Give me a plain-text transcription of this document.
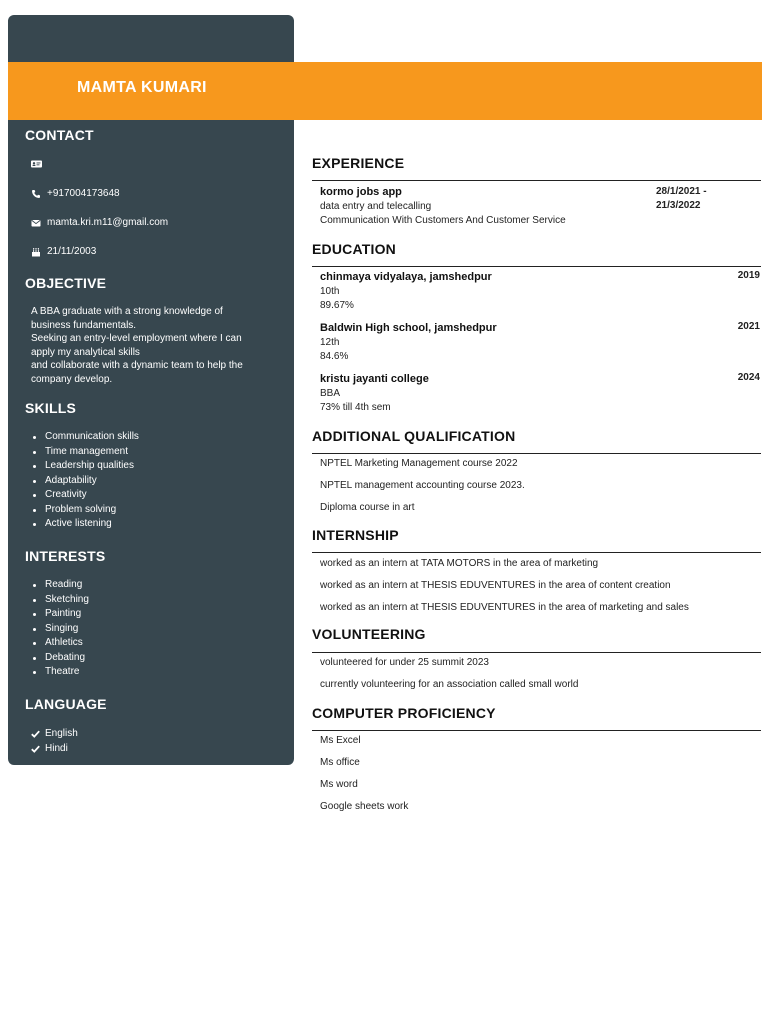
MAMTA KUMARI
CONTACT
+917004173648
mamta.kri.m11@gmail.com
21/11/2003
OBJECTIVE
A BBA graduate with a strong knowledge of
business fundamentals.
Seeking an entry-level employment where I can
apply my analytical skills
and collaborate with a dynamic team to help the
company develop.
SKILLS
Communication skills
Time management
Leadership qualities
Adaptability
Creativity
Problem solving
Active listening
INTERESTS
Reading
Sketching
Painting
Singing
Athletics
Debating
Theatre
LANGUAGE
English
Hindi
EXPERIENCE
kormo jobs app
data entry and telecalling
Communication With Customers And Customer Service
28/1/2021 -
21/3/2022
EDUCATION
chinmaya vidyalaya, jamshedpur
10th
89.67%
2019
Baldwin High school, jamshedpur
12th
84.6%
2021
kristu jayanti college
BBA
73% till 4th sem
2024
ADDITIONAL QUALIFICATION
NPTEL Marketing Management course 2022
NPTEL management accounting course 2023.
Diploma course in art
INTERNSHIP
worked as an intern at TATA MOTORS in the area of marketing
worked as an intern at THESIS EDUVENTURES in the area of content creation
worked as an intern at THESIS EDUVENTURES in the area of marketing and sales
VOLUNTEERING
volunteered for under 25 summit 2023
currently volunteering for an association called small world
COMPUTER PROFICIENCY
Ms Excel
Ms office
Ms word
Google sheets work
